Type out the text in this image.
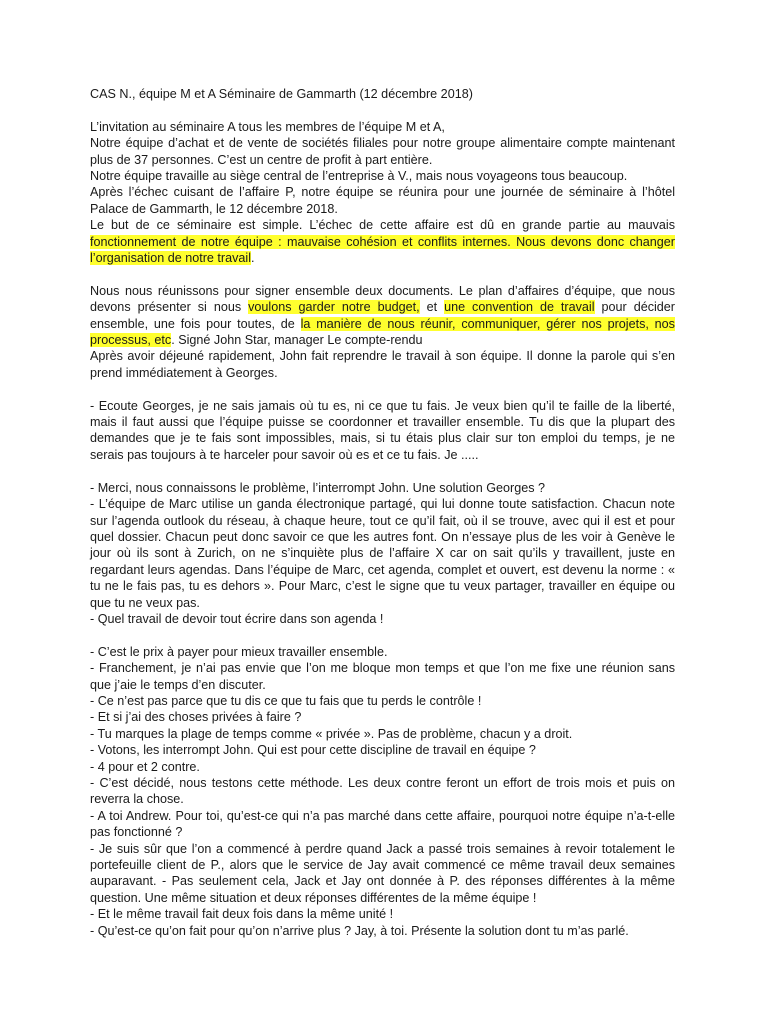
CAS N., équipe M et A Séminaire de Gammarth (12 décembre 2018)

L’invitation au séminaire A tous les membres de l’équipe M et A,

Notre équipe d’achat et de vente de sociétés filiales pour notre groupe alimentaire compte maintenant plus de 37 personnes. C’est un centre de profit à part entière.

Notre équipe travaille au siège central de l’entreprise à V., mais nous voyageons tous beaucoup.

Après l’échec cuisant de l’affaire P, notre équipe se réunira pour une journée de séminaire à l’hôtel Palace de Gammarth, le 12 décembre 2018.

Le but de ce séminaire est simple. L’échec de cette affaire est dû en grande partie au mauvais fonctionnement de notre équipe : mauvaise cohésion et conflits internes. Nous devons donc changer l’organisation de notre travail.

Nous nous réunissons pour signer ensemble deux documents. Le plan d’affaires d’équipe, que nous devons présenter si nous voulons garder notre budget, et une convention de travail pour décider ensemble, une fois pour toutes, de la manière de nous réunir, communiquer, gérer nos projets, nos processus, etc. Signé John Star, manager Le compte-rendu

Après avoir déjeuné rapidement, John fait reprendre le travail à son équipe. Il donne la parole qui s’en prend immédiatement à Georges.

- Ecoute Georges, je ne sais jamais où tu es, ni ce que tu fais. Je veux bien qu’il te faille de la liberté, mais il faut aussi que l’équipe puisse se coordonner et travailler ensemble. Tu dis que la plupart des demandes que je te fais sont impossibles, mais, si tu étais plus clair sur ton emploi du temps, je ne serais pas toujours à te harceler pour savoir où es et ce tu fais. Je .....

- Merci, nous connaissons le problème, l’interrompt John. Une solution Georges ?

- L’équipe de Marc utilise un ganda électronique partagé, qui lui donne toute satisfaction. Chacun note sur l’agenda outlook du réseau, à chaque heure, tout ce qu’il fait, où il se trouve, avec qui il est et pour quel dossier. Chacun peut donc savoir ce que les autres font. On n’essaye plus de les voir à Genève le jour où ils sont à Zurich, on ne s’inquiète plus de l’affaire X car on sait qu’ils y travaillent, juste en regardant leurs agendas. Dans l’équipe de Marc, cet agenda, complet et ouvert, est devenu la norme : « tu ne le fais pas, tu es dehors ». Pour Marc, c’est le signe que tu veux partager, travailler en équipe ou que tu ne veux pas.

- Quel travail de devoir tout écrire dans son agenda !

- C’est le prix à payer pour mieux travailler ensemble.

- Franchement, je n’ai pas envie que l’on me bloque mon temps et que l’on me fixe une réunion sans que j’aie le temps d’en discuter.

- Ce n’est pas parce que tu dis ce que tu fais que tu perds le contrôle !

- Et si j’ai des choses privées à faire ?

- Tu marques la plage de temps comme « privée ». Pas de problème, chacun y a droit.

- Votons, les interrompt John. Qui est pour cette discipline de travail en équipe ?

- 4 pour et 2 contre.

- C’est décidé, nous testons cette méthode. Les deux contre feront un effort de trois mois et puis on reverra la chose.

- A toi Andrew. Pour toi, qu’est-ce qui n’a pas marché dans cette affaire, pourquoi notre équipe n’a-t-elle pas fonctionné ?

- Je suis sûr que l’on a commencé à perdre quand Jack a passé trois semaines à revoir totalement le portefeuille client de P., alors que le service de Jay avait commencé ce même travail deux semaines auparavant. - Pas seulement cela, Jack et Jay ont donnée à P. des réponses différentes à la même question. Une même situation et deux réponses différentes de la même équipe !

- Et le même travail fait deux fois dans la même unité !

- Qu’est-ce qu’on fait pour qu’on n’arrive plus ? Jay, à toi. Présente la solution dont tu m’as parlé.
